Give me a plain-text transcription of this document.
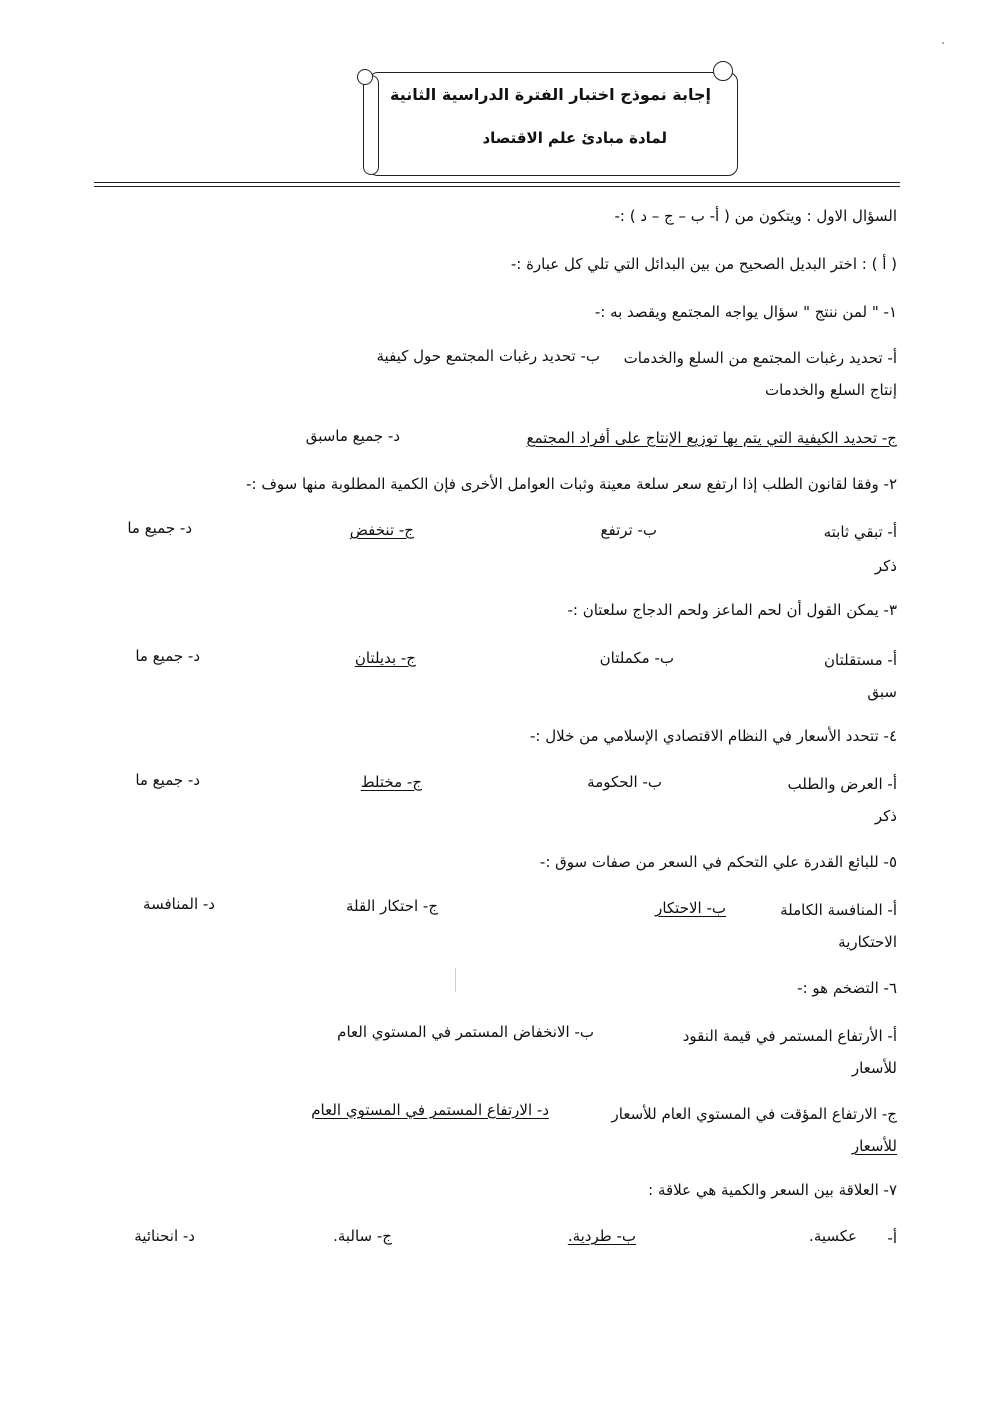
إجابة نموذج اختبار الفترة الدراسية الثانية
لمادة مبادئ علم الاقتصاد
السؤال الاول : ويتكون من ( أ- ب – ج – د ) :-
( أ ) : اختر البديل الصحيح من بين البدائل التي تلي كل عبارة :-
١- " لمن ننتج " سؤال يواجه المجتمع ويقصد به :-
أ- تحديد رغبات المجتمع من السلع والخدمات
ب- تحديد رغبات المجتمع حول كيفية
إنتاج السلع والخدمات
ج- تحديد الكيفية التي يتم بها توزيع الإنتاج على أفراد المجتمع
د- جميع ماسبق
٢- وفقا لقانون الطلب إذا ارتفع سعر سلعة معينة وثبات العوامل الأخرى فإن الكمية المطلوبة منها سوف :-
أ- تبقي ثابته
ب- ترتفع
ج- تنخفض
د- جميع ما
ذكر
٣- يمكن القول أن لحم الماعز ولحم الدجاج سلعتان :-
أ- مستقلتان
ب- مكملتان
ج- بديلتان
د- جميع ما
سبق
٤- تتحدد الأسعار في النظام الاقتصادي الإسلامي من خلال :-
أ- العرض والطلب
ب- الحكومة
ج- مختلط
د- جميع ما
ذكر
٥- للبائع القدرة علي التحكم في السعر من صفات سوق :-
أ- المنافسة الكاملة
ب- الاحتكار
ج- احتكار القلة
د- المنافسة
الاحتكارية
٦- التضخم هو :-
أ- الأرتفاع المستمر في قيمة النقود
ب- الانخفاض المستمر في المستوي العام
للأسعار
ج- الارتفاع المؤقت في المستوي العام للأسعار
د- الارتفاع المستمر في المستوي العام
للأسعار
٧- العلاقة بين السعر والكمية هي علاقة :
أ-
عكسية.
ب- طردية.
ج- سالبة.
د- انحنائية
